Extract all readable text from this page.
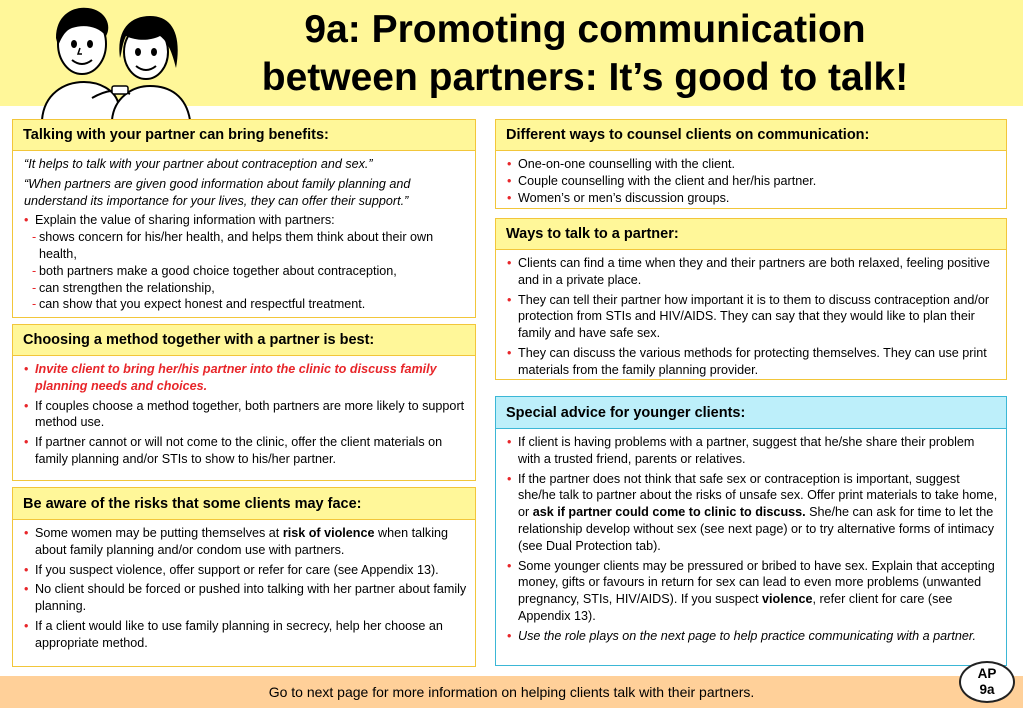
9a: Promoting communication
between partners: It’s good to talk!
Talking with your partner can bring benefits:

“It helps to talk with your partner about contraception and sex.”

“When partners are given good information about family planning and understand its importance for your lives, they can offer their support.”

• Explain the value of sharing information with partners:
- shows concern for his/her health, and helps them think about their own health,
- both partners make a good choice together about contraception,
- can strengthen the relationship,
- can show that you expect honest and respectful treatment.
Choosing a method together with a partner is best:
• Invite client to bring her/his partner into the clinic to discuss family planning needs and choices.
• If couples choose a method together, both partners are more likely to support method use.
• If partner cannot or will not come to the clinic, offer the client materials on family planning and/or STIs to show to his/her partner.
Be aware of the risks that some clients may face:
• Some women may be putting themselves at risk of violence when talking about family planning and/or condom use with partners.
• If you suspect violence, offer support or refer for care (see Appendix 13).
• No client should be forced or pushed into talking with her partner about family planning.
• If a client would like to use family planning in secrecy, help her choose an appropriate method.
Different ways to counsel clients on communication:
• One-on-one counselling with the client.
• Couple counselling with the client and her/his partner.
• Women’s or men’s discussion groups.
Ways to talk to a partner:
• Clients can find a time when they and their partners are both relaxed, feeling positive and in a private place.
• They can tell their partner how important it is to them to discuss contraception and/or protection from STIs and HIV/AIDS. They can say that they would like to plan their family and have safe sex.
• They can discuss the various methods for protecting themselves. They can use print materials from the family planning provider.
Special advice for younger clients:
• If client is having problems with a partner, suggest that he/she share their problem with a trusted friend, parents or relatives.
• If the partner does not think that safe sex or contraception is important, suggest she/he talk to partner about the risks of unsafe sex. Offer print materials to take home, or ask if partner could come to clinic to discuss. She/he can ask for time to let the relationship develop without sex (see next page) or to try alternative forms of intimacy (see Dual Protection tab).
• Some younger clients may be pressured or bribed to have sex. Explain that accepting money, gifts or favours in return for sex can lead to even more problems (unwanted pregnancy, STIs, HIV/AIDS). If you suspect violence, refer client for care (see Appendix 13).
• Use the role plays on the next page to help practice communicating with a partner.
Go to next page for more information on helping clients talk with their partners.
AP
9a
